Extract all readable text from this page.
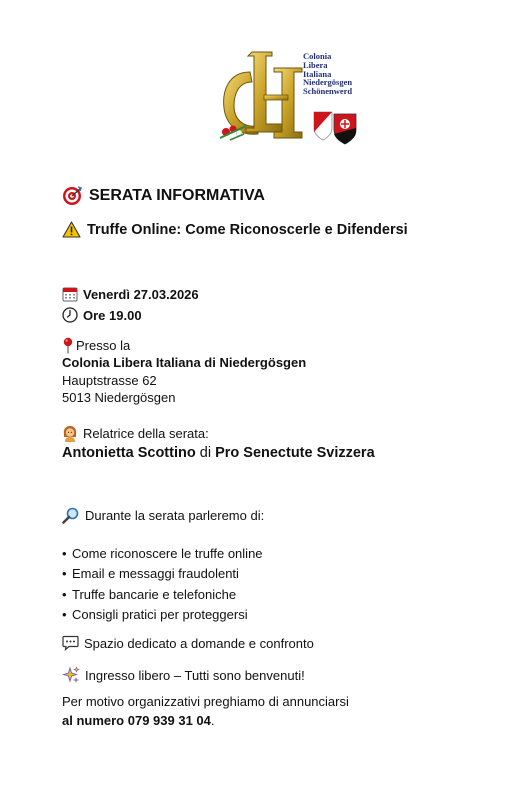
Colonia
Libera
Italiana
Niedergösgen
Schönenwerd
SERATA INFORMATIVA
Truffe Online: Come Riconoscerle e Difendersi
Venerdì 27.03.2026
Ore 19.00
Presso la
Colonia Libera Italiana di Niedergösgen
Hauptstrasse 62
5013 Niedergösgen
Relatrice della serata:
Antonietta Scottino di Pro Senectute Svizzera
Durante la serata parleremo di:
• Come riconoscere le truffe online
• Email e messaggi fraudolenti
• Truffe bancarie e telefoniche
• Consigli pratici per proteggersi
Spazio dedicato a domande e confronto
Ingresso libero – Tutti sono benvenuti!
Per motivo organizzativi preghiamo di annunciarsi
al numero 079 939 31 04.
